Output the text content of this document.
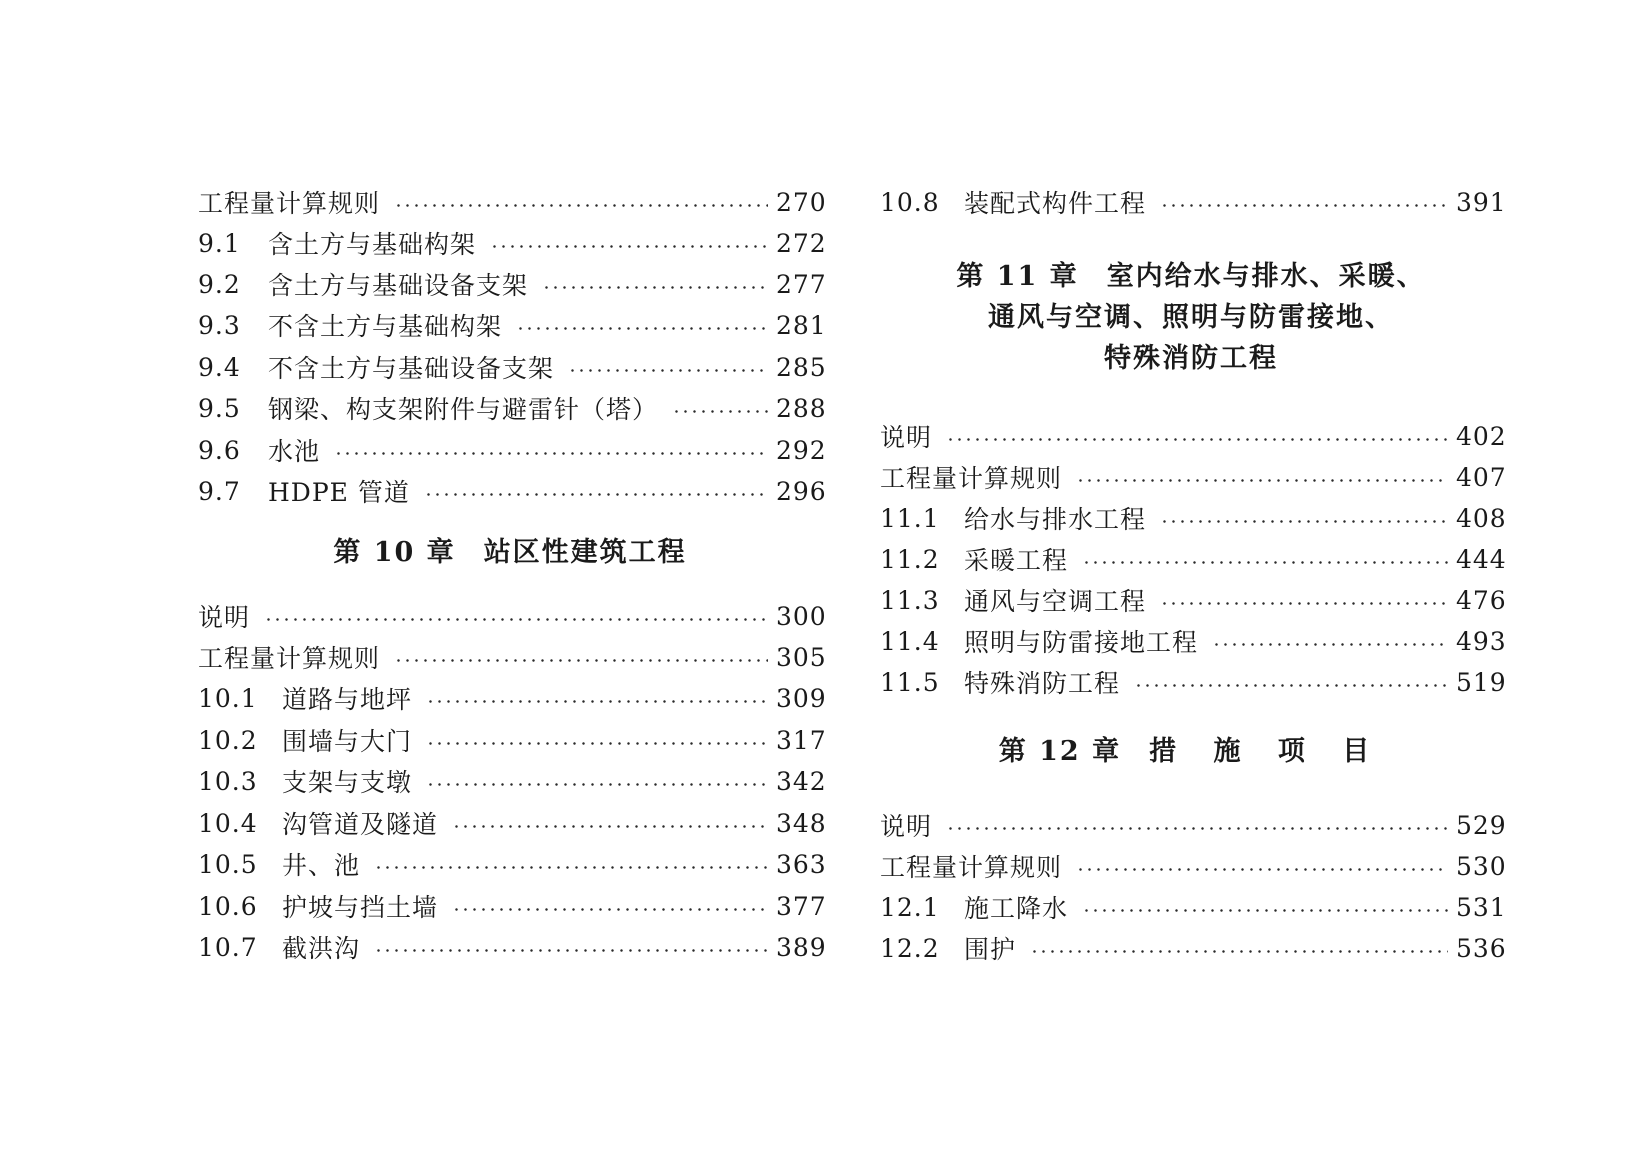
工程量计算规则	270
9.1	含土方与基础构架	272
9.2	含土方与基础设备支架	277
9.3	不含土方与基础构架	281
9.4	不含土方与基础设备支架	285
9.5	钢梁、构支架附件与避雷针（塔）	288
9.6	水池	292
9.7	HDPE 管道	296
第 10 章 站区性建筑工程
说明	300
工程量计算规则	305
10.1 道路与地坪	309
10.2 围墙与大门	317
10.3 支架与支墩	342
10.4 沟管道及隧道	348
10.5 井、池	363
10.6 护坡与挡土墙	377
10.7 截洪沟	389
10.8 装配式构件工程	391
第 11 章 室内给水与排水、采暖、
通风与空调、照明与防雷接地、
特殊消防工程
说明	402
工程量计算规则	407
11.1 给水与排水工程	408
11.2 采暖工程	444
11.3 通风与空调工程	476
11.4 照明与防雷接地工程	493
11.5 特殊消防工程	519
第 12 章 措 施 项 目
说明	529
工程量计算规则	530
12.1 施工降水	531
12.2 围护	536
